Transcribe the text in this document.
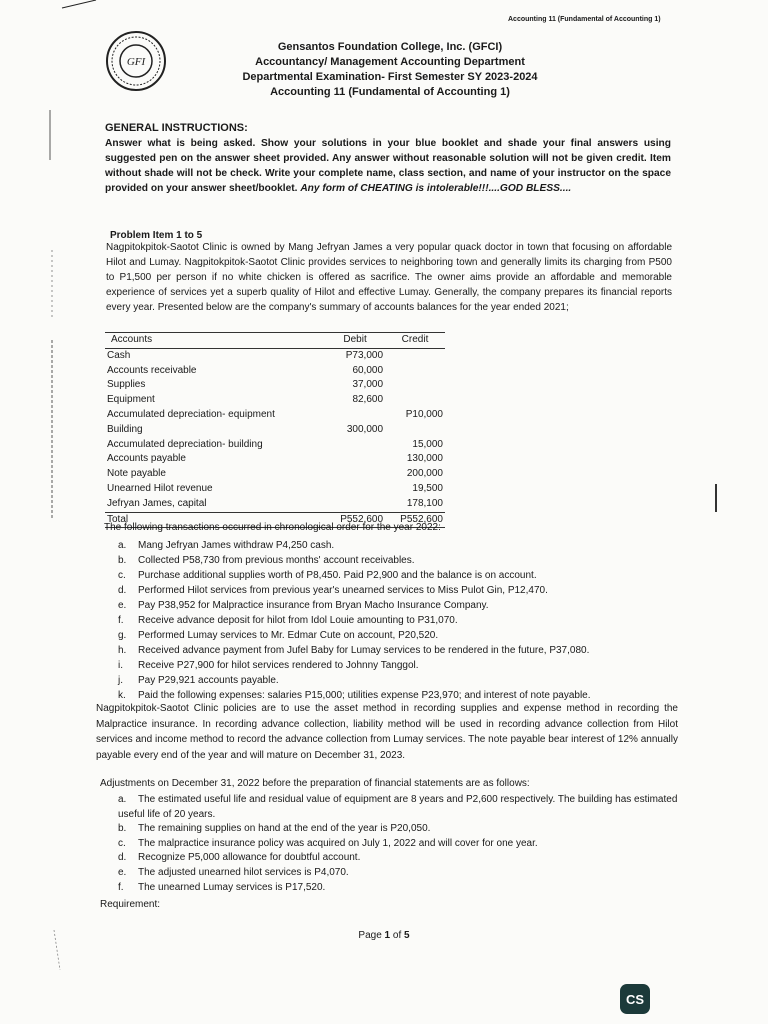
Accounting 11 (Fundamental of Accounting 1)
GFI
Gensantos Foundation College, Inc. (GFCI)
Accountancy/ Management Accounting Department
Departmental Examination- First Semester SY 2023-2024
Accounting 11 (Fundamental of Accounting 1)
GENERAL INSTRUCTIONS:
Answer what is being asked. Show your solutions in your blue booklet and shade your final answers using suggested pen on the answer sheet provided. Any answer without reasonable solution will not be given credit. Item without shade will not be check. Write your complete name, class section, and name of your instructor on the space provided on your answer sheet/booklet. Any form of CHEATING is intolerable!!!....GOD BLESS....
Problem Item 1 to 5
Nagpitokpitok-Saotot Clinic is owned by Mang Jefryan James a very popular quack doctor in town that focusing on affordable Hilot and Lumay. Nagpitokpitok-Saotot Clinic provides services to neighboring town and generally limits its charging from P500 to P1,500 per person if no white chicken is offered as sacrifice. The owner aims provide an affordable and memorable experience of services yet a superb quality of Hilot and effective Lumay. Generally, the company prepares its financial reports every year. Presented below are the company's summary of accounts balances for the year ended 2021;
Accounts	Debit	Credit
Cash	P73,000	
Accounts receivable	60,000	
Supplies	37,000	
Equipment	82,600	
Accumulated depreciation- equipment		P10,000
Building	300,000	
Accumulated depreciation- building		15,000
Accounts payable		130,000
Note payable		200,000
Unearned Hilot revenue		19,500
Jefryan James, capital		178,100
Total	P552,600	P552,600
The following transactions occurred in chronological order for the year 2022:
a. Mang Jefryan James withdraw P4,250 cash.
b. Collected P58,730 from previous months' account receivables.
c. Purchase additional supplies worth of P8,450. Paid P2,900 and the balance is on account.
d. Performed Hilot services from previous year's unearned services to Miss Pulot Gin, P12,470.
e. Pay P38,952 for Malpractice insurance from Bryan Macho Insurance Company.
f. Receive advance deposit for hilot from Idol Louie amounting to P31,070.
g. Performed Lumay services to Mr. Edmar Cute on account, P20,520.
h. Received advance payment from Jufel Baby for Lumay services to be rendered in the future, P37,080.
i. Receive P27,900 for hilot services rendered to Johnny Tanggol.
j. Pay P29,921 accounts payable.
k. Paid the following expenses: salaries P15,000; utilities expense P23,970; and interest of note payable.
Nagpitokpitok-Saotot Clinic policies are to use the asset method in recording supplies and expense method in recording the Malpractice insurance. In recording advance collection, liability method will be used in recording advance collection from Hilot services and income method to record the advance collection from Lumay services. The note payable bear interest of 12% annually payable every end of the year and will mature on December 31, 2023.
Adjustments on December 31, 2022 before the preparation of financial statements are as follows:
a. The estimated useful life and residual value of equipment are 8 years and P2,600 respectively. The building has estimated useful life of 20 years.
b. The remaining supplies on hand at the end of the year is P20,050.
c. The malpractice insurance policy was acquired on July 1, 2022 and will cover for one year.
d. Recognize P5,000 allowance for doubtful account.
e. The adjusted unearned hilot services is P4,070.
f. The unearned Lumay services is P17,520.
Requirement:
Page 1 of 5
CS
